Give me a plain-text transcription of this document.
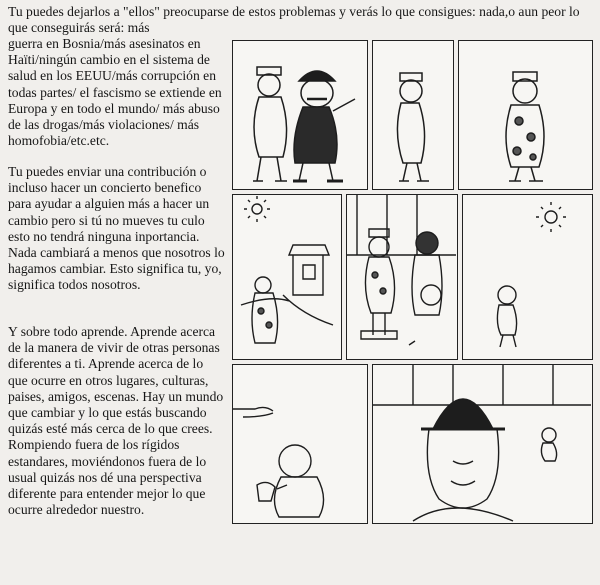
Tu puedes dejarlos a "ellos" preocuparse de estos problemas y verás lo que consigues: nada,o aun peor lo que conseguirás será: más

guerra en Bosnia/más asesinatos en Haïti/ningún cambio en el sistema de salud en los EEUU/más corrupción en todas partes/ el fascismo se extiende en Europa y en todo el mundo/ más abuso de las drogas/más violaciones/ más homofobia/etc.etc.

Tu puedes enviar una contribución o incluso hacer un concierto benefico para ayudar a alguien más a hacer un cambio pero si tú no mueves tu culo esto no tendrá ninguna inportancia. Nada cambiará a menos que nosotros lo hagamos cambiar. Esto significa tu, yo, significa todos nosotros.

Y sobre todo aprende. Aprende acerca de la manera de vivir de otras personas diferentes a ti. Aprende acerca de lo que ocurre en otros lugares, culturas, paises, amigos, escenas. Hay un mundo que cambiar y lo que estás buscando quizás esté más cerca de lo que crees. Rompiendo fuera de los rígidos estandares, moviéndonos fuera de lo usual quizás nos dé una perspectiva diferente para entender mejor lo que ocurre alrededor nuestro.
